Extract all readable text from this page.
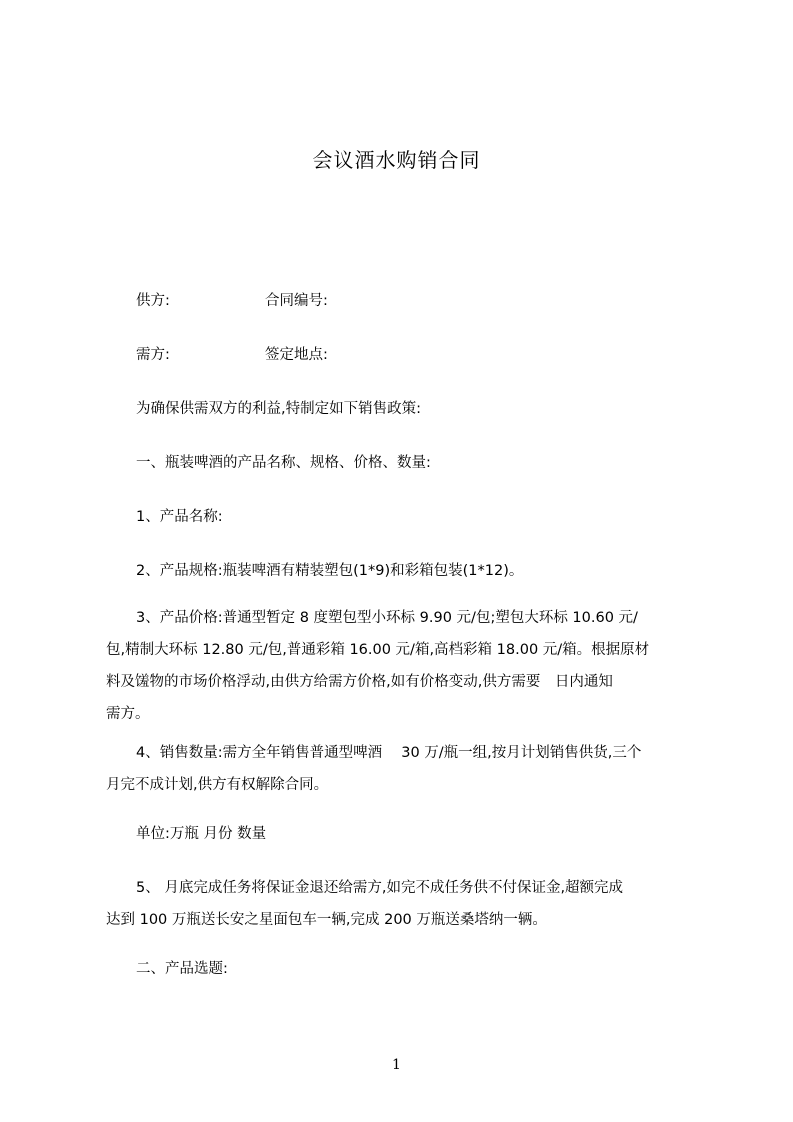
会议酒水购销合同
供方:	合同编号:
需方:	签定地点:
为确保供需双方的利益,特制定如下销售政策:
一、瓶装啤酒的产品名称、规格、价格、数量:
1、产品名称:
2、产品规格:瓶装啤酒有精装塑包(1*9)和彩箱包装(1*12)。
3、产品价格:普通型暂定 8 度塑包型小环标 9.90 元/包;塑包大环标 10.60 元/
包,精制大环标 12.80 元/包,普通彩箱 16.00 元/箱,高档彩箱 18.00 元/箱。根据原材
料及馐物的市场价格浮动,由供方给需方价格,如有价格变动,供方需要　日内通知
需方。
4、销售数量:需方全年销售普通型啤酒　 30 万/瓶一组,按月计划销售供货,三个
月完不成计划,供方有权解除合同。
单位:万瓶 月份 数量
5、 月底完成任务将保证金退还给需方,如完不成任务供不付保证金,超额完成
达到 100 万瓶送长安之星面包车一辆,完成 200 万瓶送桑塔纳一辆。
二、产品选题:
1
